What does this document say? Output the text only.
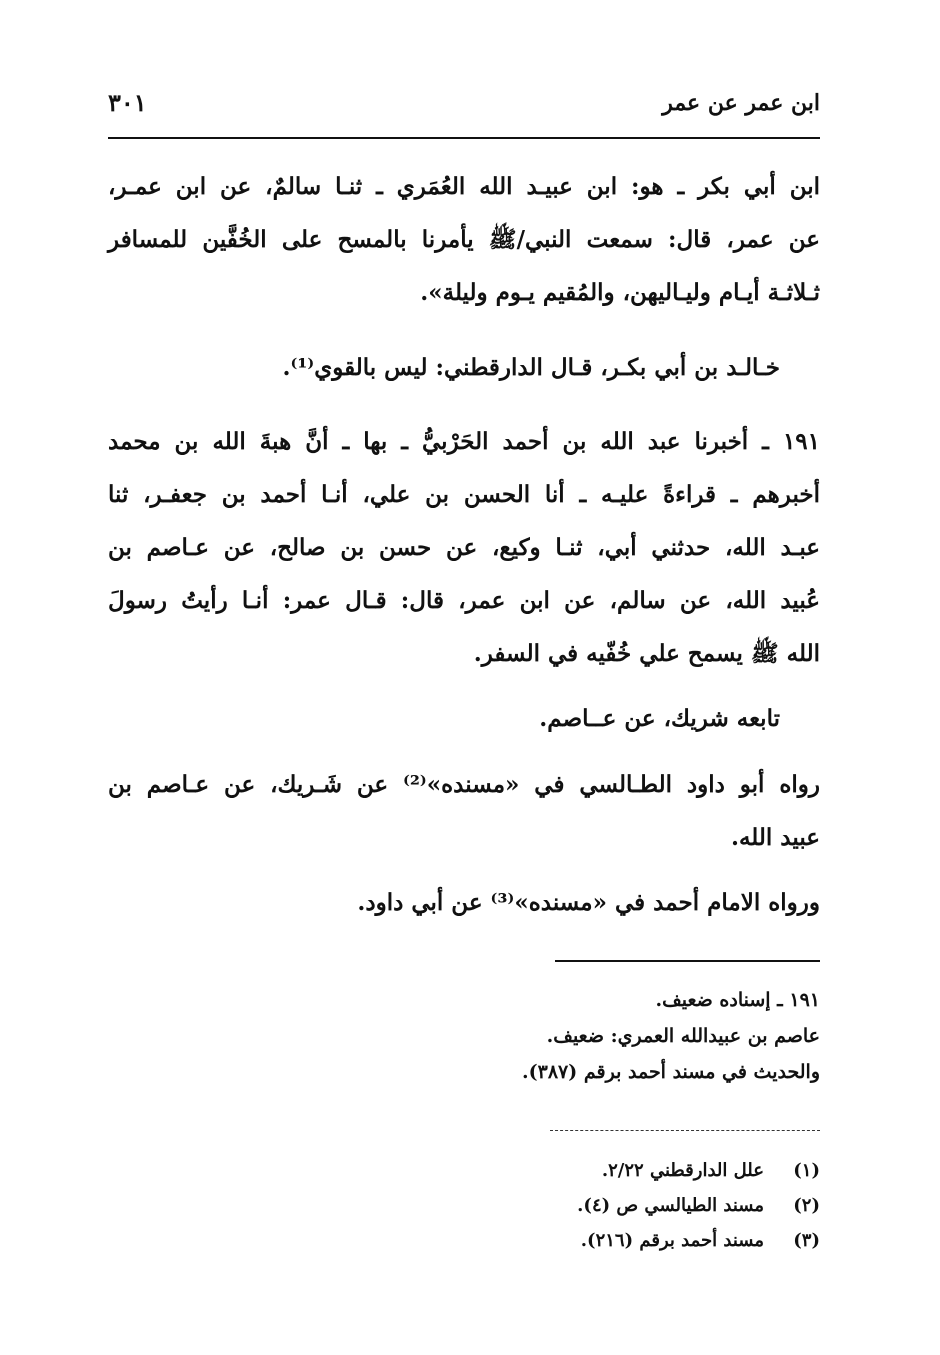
ابن عمر عن عمر
٣٠١

ابن أبي بكر ـ هو: ابن عبيـد الله العُمَري ـ ثنـا سالمٌ، عن ابن عمـر،
عن عمر، قال: سمعت النبي/ﷺ يأمرنا بالمسح على الخُفَّين للمسافر
ثـلاثـة أيـام وليـاليهن، والمُقيم يـوم وليلة».

خـالـد بن أبي بكـر، قـال الدارقطني: ليس بالقوي⁽¹⁾.

١٩١ ـ أخبرنا عبد الله بن أحمد الحَرْبيُّ ـ بها ـ أنَّ هبةَ الله بن محمد
أخبرهم ـ قراءةً عليـه ـ أنا الحسن بن علي، أنـا أحمد بن جعفـر، ثنا
عبـد الله، حدثني أبي، ثنـا وكيع، عن حسن بن صالح، عن عـاصم بن
عُبيد الله، عن سالم، عن ابن عمر، قال: قـال عمر: أنـا رأيتُ رسولَ
الله ﷺ يسمح علي خُفّيه في السفر.

تابعه شريك، عن عــاصم.

رواه أبو داود الطـالسي في «مسنده»⁽²⁾ عن شَـريك، عن عـاصم بن
عبيد الله.

ورواه الامام أحمد في «مسنده»⁽³⁾ عن أبي داود.

١٩١ ـ إسناده ضعيف.
عاصم بن عبيدالله العمري: ضعيف.
والحديث في مسند أحمد برقم (٣٨٧).

(١)علل الدارقطني ٢/٢٢.
(٢)مسند الطيالسي ص (٤).
(٣)مسند أحمد برقم (٢١٦).
